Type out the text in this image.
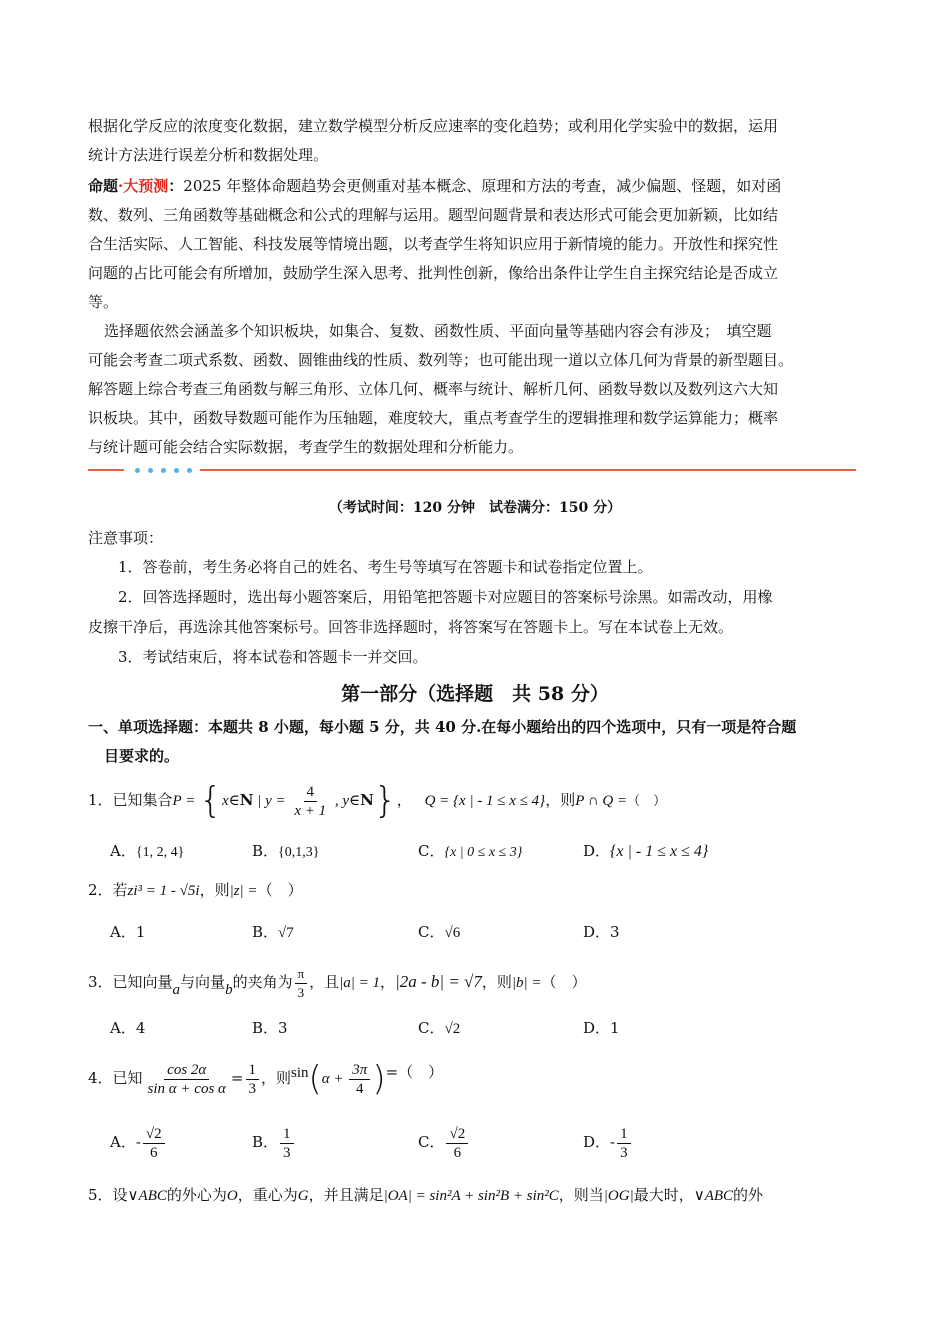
根据化学反应的浓度变化数据，建立数学模型分析反应速率的变化趋势；或利用化学实验中的数据，运用
统计方法进行误差分析和数据处理。
命题·大预测：2025 年整体命题趋势会更侧重对基本概念、原理和方法的考查，减少偏题、怪题，如对函
数、数列、三角函数等基础概念和公式的理解与运用。题型问题背景和表达形式可能会更加新颖，比如结
合生活实际、人工智能、科技发展等情境出题，以考查学生将知识应用于新情境的能力。开放性和探究性
问题的占比可能会有所增加，鼓励学生深入思考、批判性创新，像给出条件让学生自主探究结论是否成立
等。
选择题依然会涵盖多个知识板块，如集合、复数、函数性质、平面向量等基础内容会有涉及；　填空题
可能会考查二项式系数、函数、圆锥曲线的性质、数列等；也可能出现一道以立体几何为背景的新型题目。
解答题上综合考查三角函数与解三角形、立体几何、概率与统计、解析几何、函数导数以及数列这六大知
识板块。其中，函数导数题可能作为压轴题，难度较大，重点考查学生的逻辑推理和数学运算能力；概率
与统计题可能会结合实际数据，考查学生的数据处理和分析能力。
（考试时间：120 分钟　试卷满分：150 分）
注意事项：
1．答卷前，考生务必将自己的姓名、考生号等填写在答题卡和试卷指定位置上。
2．回答选择题时，选出每小题答案后，用铅笔把答题卡对应题目的答案标号涂黑。如需改动，用橡
皮擦干净后，再选涂其他答案标号。回答非选择题时，将答案写在答题卡上。写在本试卷上无效。
3．考试结束后，将本试卷和答题卡一并交回。
第一部分（选择题　共 58 分）
一、单项选择题：本题共 8 小题，每小题 5 分，共 40 分.在每小题给出的四个选项中，只有一项是符合题
目要求的。
1．已知集合P = {x∈N | $y = \frac{4}{x + 1}$ , y∈N}， Q = {x | - 1 ≤ x ≤ 4}，则P ∩ Q =（　）
A．{1, 2, 4}	B．{0,1,3}	C．{x | 0 ≤ x ≤ 3}	D．{x | - 1 ≤ x ≤ 4}
2．若zi³ = 1 - √5i，则|z| =（　）
A．1	B．√7	C．√6	D．3
3．已知向量a与向量b的夹角为 $\frac{\pi}{3}$ ，且|a| = 1，|2a - b| = √7，则|b| =（　）
A．4	B．3	C．√2	D．1
4．已知 $\frac{\cos 2\alpha}{\text{sin α + cos α}} = \frac{1}{3}$ ，则$\sin(\alpha + \frac{3\pi}{4}$ )=（　）
A．- $\frac{√2}{6}$	B． $\frac{1}{3}$	C． $\frac{√2}{6}$	D．- $\frac{1}{3}$
5．设∨ABC的外心为O，重心为G，并且满足|OA| = sin²A + sin²B + sin²C，则当|OG|最大时，∨ABC的外
